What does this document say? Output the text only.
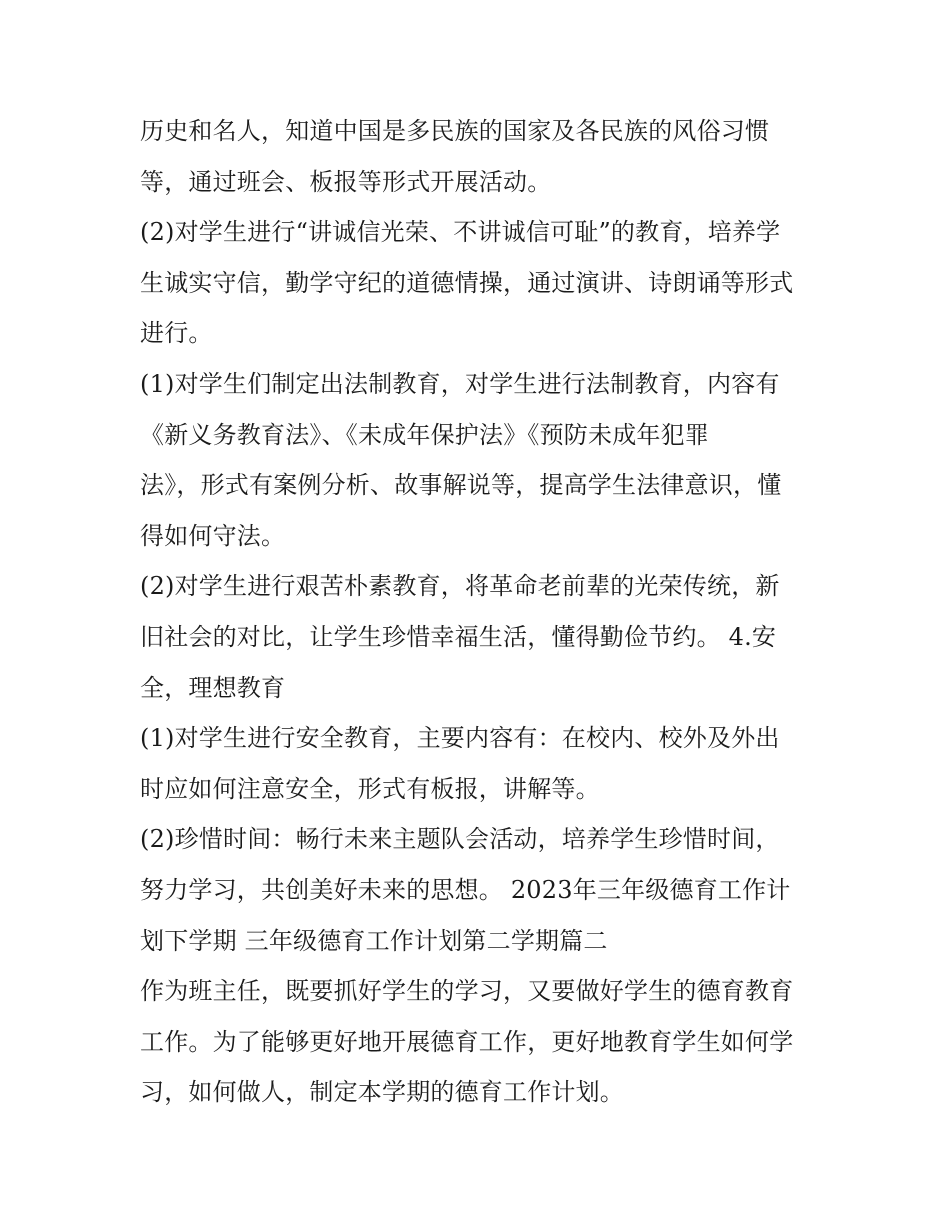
历史和名人，知道中国是多民族的国家及各民族的风俗习惯
等，通过班会、板报等形式开展活动。
(2)对学生进行“讲诚信光荣、不讲诚信可耻”的教育，培养学
生诚实守信，勤学守纪的道德情操，通过演讲、诗朗诵等形式
进行。
(1)对学生们制定出法制教育，对学生进行法制教育，内容有
《新义务教育法》、《未成年保护法》《预防未成年犯罪
法》，形式有案例分析、故事解说等，提高学生法律意识，懂
得如何守法。
(2)对学生进行艰苦朴素教育，将革命老前辈的光荣传统，新
旧社会的对比，让学生珍惜幸福生活，懂得勤俭节约。 4.安
全，理想教育
(1)对学生进行安全教育，主要内容有：在校内、校外及外出
时应如何注意安全，形式有板报，讲解等。
(2)珍惜时间：畅行未来主题队会活动，培养学生珍惜时间，
努力学习，共创美好未来的思想。 2023年三年级德育工作计
划下学期 三年级德育工作计划第二学期篇二
作为班主任，既要抓好学生的学习，又要做好学生的德育教育
工作。为了能够更好地开展德育工作，更好地教育学生如何学
习，如何做人，制定本学期的德育工作计划。
